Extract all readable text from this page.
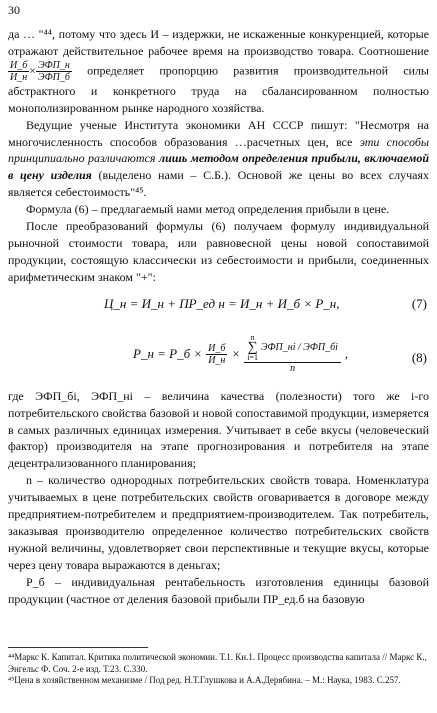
30

да … "⁴⁴, потому что здесь И – издержки, не искаженные конкуренцией, которые отражают действительное рабочее время на производство товара. Соотношение
$\frac{И\_б}{И\_н} \times \frac{\text{ЭФП\_н}}{\text{ЭФП\_б}}$ определяет пропорцию развития производительной силы абстрактного и конкретного труда на сбалансированном полностью монополизированном рынке народного хозяйства.

Ведущие ученые Института экономики АН СССР пишут: "Несмотря на многочисленность способов образования …расчетных цен, все эти способы принципиально различаются лишь методом определения прибыли, включаемой в цену изделия (выделено нами – С.Б.). Основой же цены во всех случаях является себестоимость"⁴⁵.

Формула (6) – предлагаемый нами метод определения прибыли в цене.

После преобразований формулы (6) получаем формулу индивидуальной рыночной стоимости товара, или равновесной цены новой сопоставимой продукции, состоящую классически из себестоимости и прибыли, соединенных арифметическим знаком "+":

Ц_н = И_н + ПР_ед н = И_н + И_б × Р_н,	(7)
Р_н = Р_б × $\frac{И\_б}{И\_н}$ ×
n
∑
i=1
ЭФП_нi / ЭФП_бi
n
,	(8)

где ЭФП_бi, ЭФП_нi – величина качества (полезности) того же i-го потребительского свойства базовой и новой сопоставимой продукции, измеряется в самых различных единицах измерения. Учитывает в себе вкусы (человеческий фактор) производителя на этапе прогнозирования и потребителя на этапе децентрализованного планирования;

n – количество однородных потребительских свойств товара. Номенклатура учитываемых в цене потребительских свойств оговаривается в договоре между предприятием-потребителем и предприятием-производителем. Так потребитель, заказывая производителю определенное количество потребительских свойств нужной величины, удовлетворяет свои перспективные и текущие вкусы, которые через цену товара выражаются в деньгах;

Р_б – индивидуальная рентабельность изготовления единицы базовой продукции (частное от деления базовой прибыли ПР_ед.б на базовую

⁴⁴Маркс К. Капитал. Критика политической экономии. Т.1. Кн.1. Процесс производства капитала // Маркс К., Энгельс Ф. Соч. 2-е изд. Т.23. С.330.

⁴⁵Цена в хозяйственном механизме / Под ред. Н.Т.Глушкова и А.А.Дерябина. – М.: Наука, 1983. С.257.
